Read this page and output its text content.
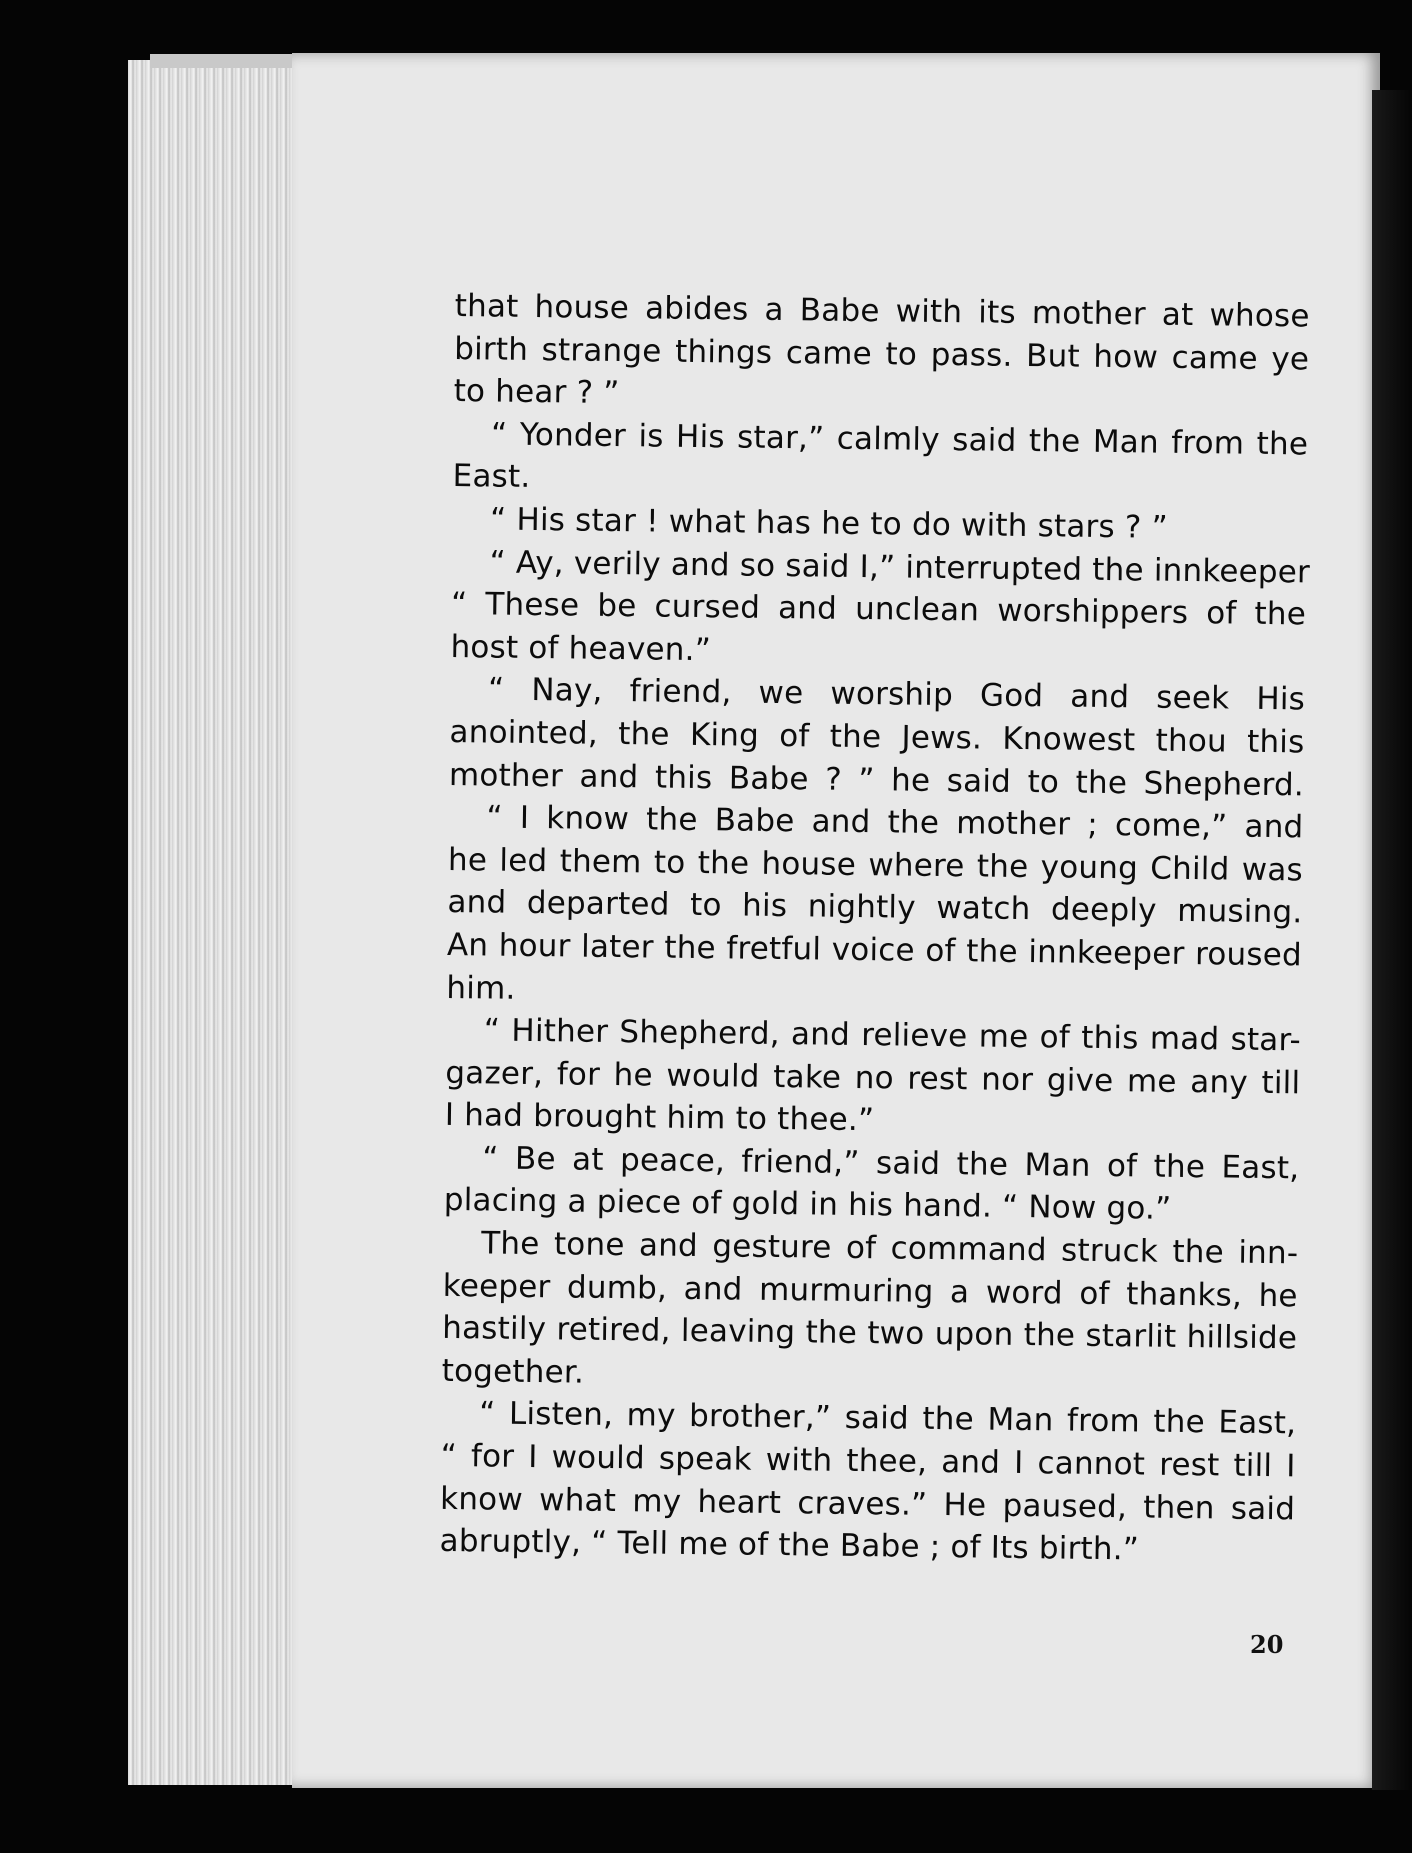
that house abides a Babe with its mother at whose
birth strange things came to pass. But how came ye
to hear ? ”
“ Yonder is His star,” calmly said the Man from the
East.
“ His star ! what has he to do with stars ? ”
“ Ay, verily and so said I,” interrupted the innkeeper
“ These be cursed and unclean worshippers of the
host of heaven.”
“ Nay, friend, we worship God and seek His
anointed, the King of the Jews. Knowest thou this
mother and this Babe ? ” he said to the Shepherd.
“ I know the Babe and the mother ; come,” and
he led them to the house where the young Child was
and departed to his nightly watch deeply musing.
An hour later the fretful voice of the innkeeper roused
him.
“ Hither Shepherd, and relieve me of this mad star-
gazer, for he would take no rest nor give me any till
I had brought him to thee.”
“ Be at peace, friend,” said the Man of the East,
placing a piece of gold in his hand. “ Now go.”
The tone and gesture of command struck the inn-
keeper dumb, and murmuring a word of thanks, he
hastily retired, leaving the two upon the starlit hillside
together.
“ Listen, my brother,” said the Man from the East,
“ for I would speak with thee, and I cannot rest till I
know what my heart craves.” He paused, then said
abruptly, “ Tell me of the Babe ; of Its birth.”
20
